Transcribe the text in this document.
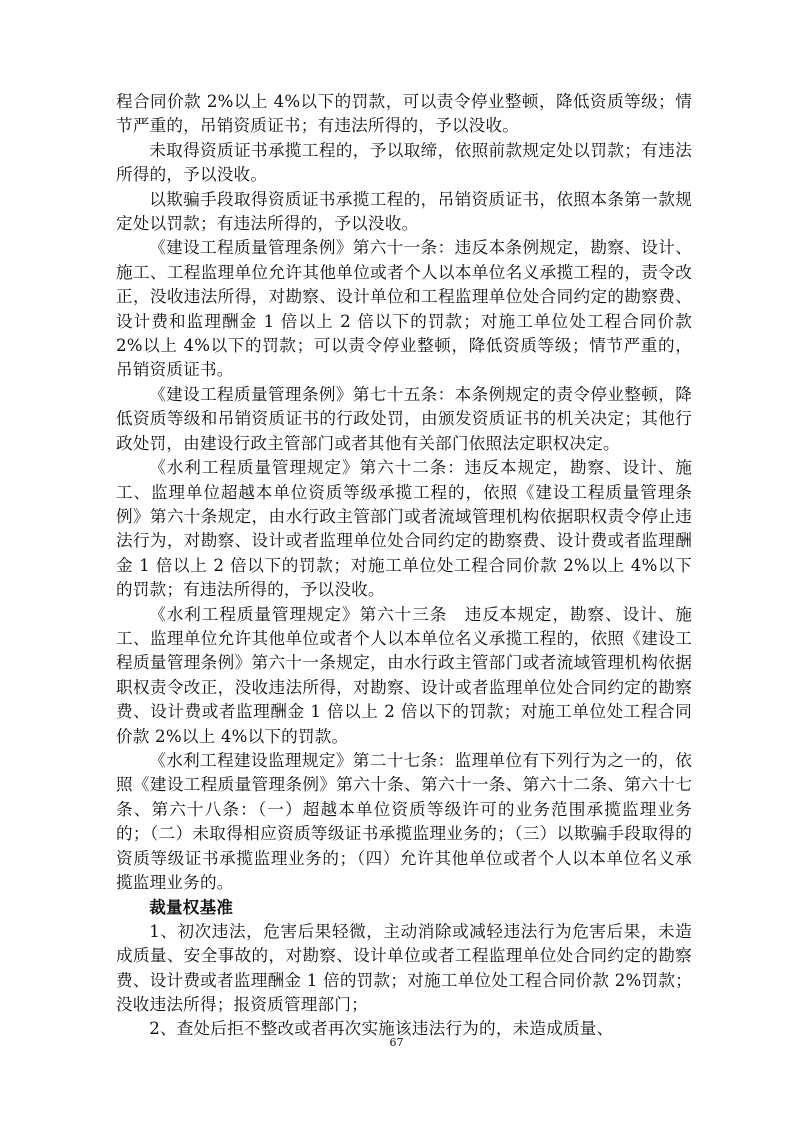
程合同价款 2%以上 4%以下的罚款，可以责令停业整顿，降低资质等级；情节严重的，吊销资质证书；有违法所得的，予以没收。

未取得资质证书承揽工程的，予以取缔，依照前款规定处以罚款；有违法所得的，予以没收。

以欺骗手段取得资质证书承揽工程的，吊销资质证书，依照本条第一款规定处以罚款；有违法所得的，予以没收。

《建设工程质量管理条例》第六十一条：违反本条例规定，勘察、设计、施工、工程监理单位允许其他单位或者个人以本单位名义承揽工程的，责令改正，没收违法所得，对勘察、设计单位和工程监理单位处合同约定的勘察费、设计费和监理酬金 1 倍以上 2 倍以下的罚款；对施工单位处工程合同价款 2%以上 4%以下的罚款；可以责令停业整顿，降低资质等级；情节严重的，吊销资质证书。

《建设工程质量管理条例》第七十五条：本条例规定的责令停业整顿，降低资质等级和吊销资质证书的行政处罚，由颁发资质证书的机关决定；其他行政处罚，由建设行政主管部门或者其他有关部门依照法定职权决定。

《水利工程质量管理规定》第六十二条：违反本规定，勘察、设计、施工、监理单位超越本单位资质等级承揽工程的，依照《建设工程质量管理条例》第六十条规定，由水行政主管部门或者流域管理机构依据职权责令停止违法行为，对勘察、设计或者监理单位处合同约定的勘察费、设计费或者监理酬金 1 倍以上 2 倍以下的罚款；对施工单位处工程合同价款 2%以上 4%以下的罚款；有违法所得的，予以没收。

《水利工程质量管理规定》第六十三条　违反本规定，勘察、设计、施工、监理单位允许其他单位或者个人以本单位名义承揽工程的，依照《建设工程质量管理条例》第六十一条规定，由水行政主管部门或者流域管理机构依据职权责令改正，没收违法所得，对勘察、设计或者监理单位处合同约定的勘察费、设计费或者监理酬金 1 倍以上 2 倍以下的罚款；对施工单位处工程合同价款 2%以上 4%以下的罚款。

《水利工程建设监理规定》第二十七条：监理单位有下列行为之一的，依照《建设工程质量管理条例》第六十条、第六十一条、第六十二条、第六十七条、第六十八条：（一）超越本单位资质等级许可的业务范围承揽监理业务的；（二）未取得相应资质等级证书承揽监理业务的；（三）以欺骗手段取得的资质等级证书承揽监理业务的；（四）允许其他单位或者个人以本单位名义承揽监理业务的。

裁量权基准

1、初次违法，危害后果轻微，主动消除或减轻违法行为危害后果，未造成质量、安全事故的，对勘察、设计单位或者工程监理单位处合同约定的勘察费、设计费或者监理酬金 1 倍的罚款；对施工单位处工程合同价款 2%罚款；没收违法所得；报资质管理部门；

2、查处后拒不整改或者再次实施该违法行为的，未造成质量、

67
